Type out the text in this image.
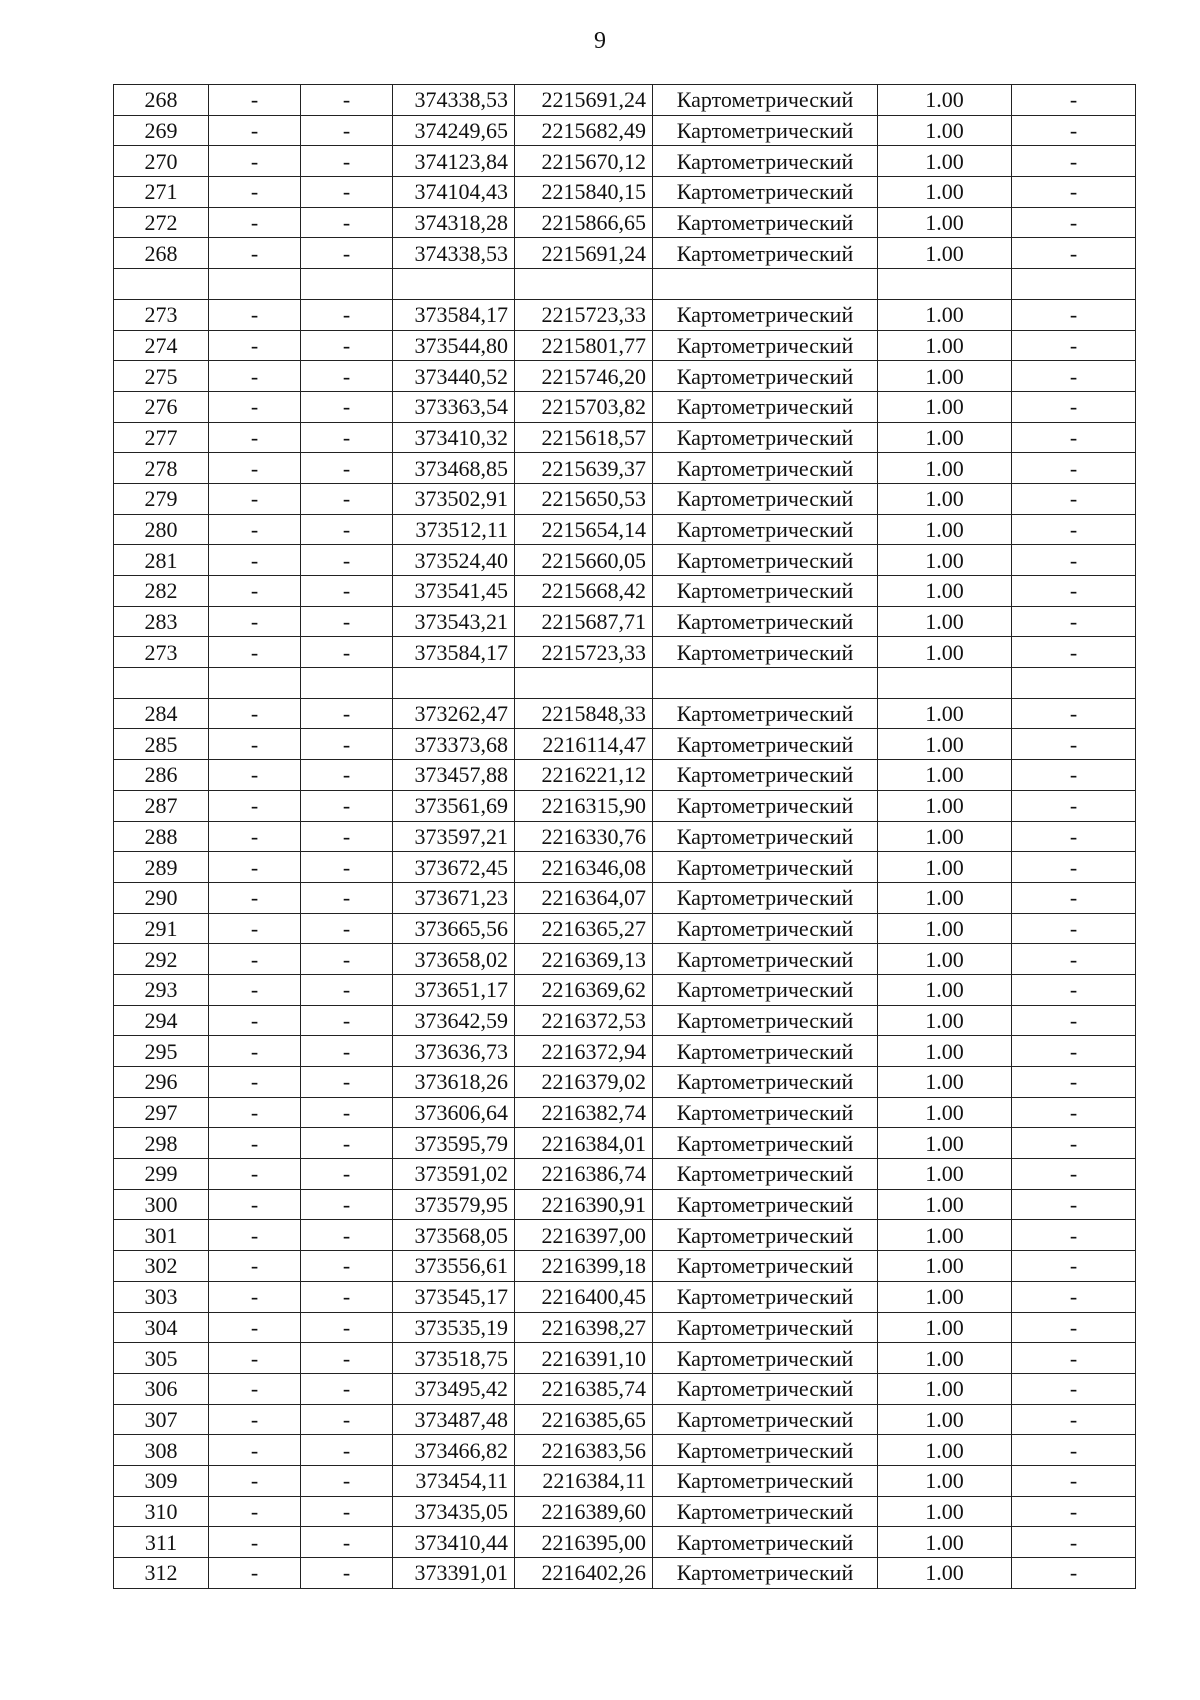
9
268	-	-	374338,53	2215691,24	Картометрический	1.00	-
269	-	-	374249,65	2215682,49	Картометрический	1.00	-
270	-	-	374123,84	2215670,12	Картометрический	1.00	-
271	-	-	374104,43	2215840,15	Картометрический	1.00	-
272	-	-	374318,28	2215866,65	Картометрический	1.00	-
268	-	-	374338,53	2215691,24	Картометрический	1.00	-

273	-	-	373584,17	2215723,33	Картометрический	1.00	-
274	-	-	373544,80	2215801,77	Картометрический	1.00	-
275	-	-	373440,52	2215746,20	Картометрический	1.00	-
276	-	-	373363,54	2215703,82	Картометрический	1.00	-
277	-	-	373410,32	2215618,57	Картометрический	1.00	-
278	-	-	373468,85	2215639,37	Картометрический	1.00	-
279	-	-	373502,91	2215650,53	Картометрический	1.00	-
280	-	-	373512,11	2215654,14	Картометрический	1.00	-
281	-	-	373524,40	2215660,05	Картометрический	1.00	-
282	-	-	373541,45	2215668,42	Картометрический	1.00	-
283	-	-	373543,21	2215687,71	Картометрический	1.00	-
273	-	-	373584,17	2215723,33	Картометрический	1.00	-

284	-	-	373262,47	2215848,33	Картометрический	1.00	-
285	-	-	373373,68	2216114,47	Картометрический	1.00	-
286	-	-	373457,88	2216221,12	Картометрический	1.00	-
287	-	-	373561,69	2216315,90	Картометрический	1.00	-
288	-	-	373597,21	2216330,76	Картометрический	1.00	-
289	-	-	373672,45	2216346,08	Картометрический	1.00	-
290	-	-	373671,23	2216364,07	Картометрический	1.00	-
291	-	-	373665,56	2216365,27	Картометрический	1.00	-
292	-	-	373658,02	2216369,13	Картометрический	1.00	-
293	-	-	373651,17	2216369,62	Картометрический	1.00	-
294	-	-	373642,59	2216372,53	Картометрический	1.00	-
295	-	-	373636,73	2216372,94	Картометрический	1.00	-
296	-	-	373618,26	2216379,02	Картометрический	1.00	-
297	-	-	373606,64	2216382,74	Картометрический	1.00	-
298	-	-	373595,79	2216384,01	Картометрический	1.00	-
299	-	-	373591,02	2216386,74	Картометрический	1.00	-
300	-	-	373579,95	2216390,91	Картометрический	1.00	-
301	-	-	373568,05	2216397,00	Картометрический	1.00	-
302	-	-	373556,61	2216399,18	Картометрический	1.00	-
303	-	-	373545,17	2216400,45	Картометрический	1.00	-
304	-	-	373535,19	2216398,27	Картометрический	1.00	-
305	-	-	373518,75	2216391,10	Картометрический	1.00	-
306	-	-	373495,42	2216385,74	Картометрический	1.00	-
307	-	-	373487,48	2216385,65	Картометрический	1.00	-
308	-	-	373466,82	2216383,56	Картометрический	1.00	-
309	-	-	373454,11	2216384,11	Картометрический	1.00	-
310	-	-	373435,05	2216389,60	Картометрический	1.00	-
311	-	-	373410,44	2216395,00	Картометрический	1.00	-
312	-	-	373391,01	2216402,26	Картометрический	1.00	-
